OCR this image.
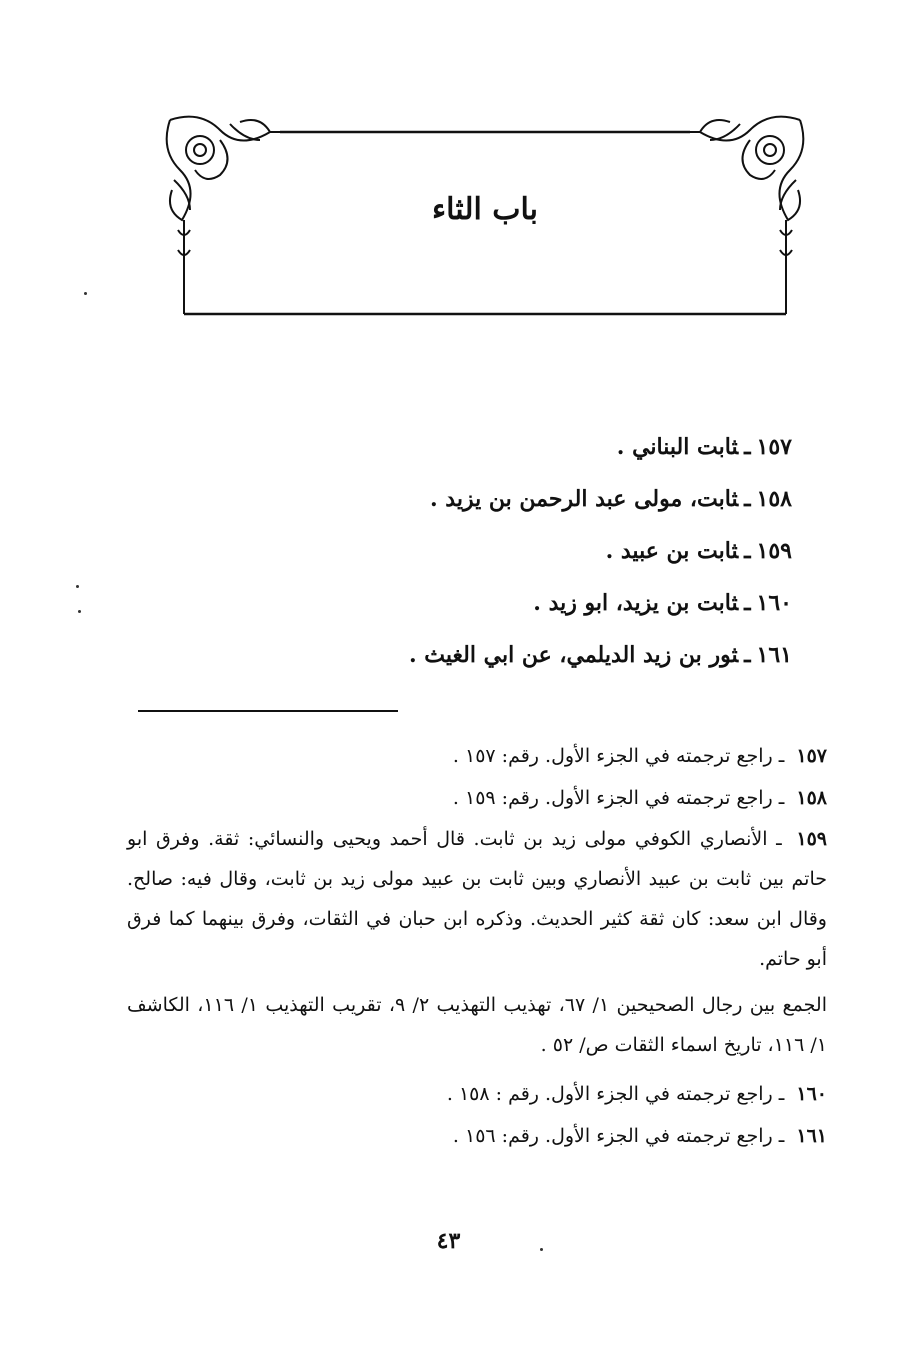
باب الثاء
١٥٧ـثابت البناني .
١٥٨ـثابت، مولى عبد الرحمن بن يزيد .
١٥٩ـثابت بن عبيد .
١٦٠ـثابت بن يزيد، ابو زيد .
١٦١ـثور بن زيد الديلمي، عن ابي الغيث .

١٥٧ ـ راجع ترجمته في الجزء الأول. رقم: ١٥٧ .

١٥٨ ـ راجع ترجمته في الجزء الأول. رقم: ١٥٩ .

١٥٩ ـ الأنصاري الكوفي مولى زيد بن ثابت. قال أحمد ويحيى والنسائي: ثقة. وفرق ابو حاتم بين ثابت بن عبيد الأنصاري وبين ثابت بن عبيد مولى زيد بن ثابت، وقال فيه: صالح. وقال ابن سعد: كان ثقة كثير الحديث. وذكره ابن حبان في الثقات، وفرق بينهما كما فرق أبو حاتم.

الجمع بين رجال الصحيحين ١/ ٦٧، تهذيب التهذيب ٢/ ٩، تقريب التهذيب ١/ ١١٦، الكاشف ١/ ١١٦، تاريخ اسماء الثقات ص/ ٥٢ .

١٦٠ ـ راجع ترجمته في الجزء الأول. رقم : ١٥٨ .

١٦١ ـ راجع ترجمته في الجزء الأول. رقم: ١٥٦ .

٤٣
